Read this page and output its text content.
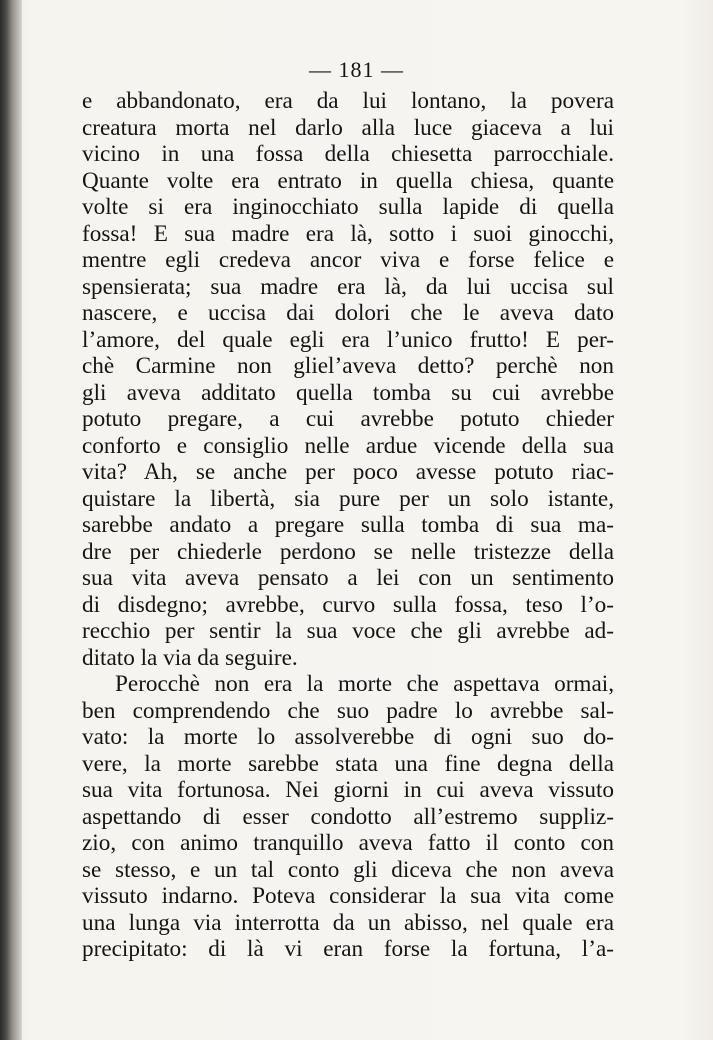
— 181 —
e abbandonato, era da lui lontano, la povera
creatura morta nel darlo alla luce giaceva a lui
vicino in una fossa della chiesetta parrocchiale.
Quante volte era entrato in quella chiesa, quante
volte si era inginocchiato sulla lapide di quella
fossa! E sua madre era là, sotto i suoi ginocchi,
mentre egli credeva ancor viva e forse felice e
spensierata; sua madre era là, da lui uccisa sul
nascere, e uccisa dai dolori che le aveva dato
l’amore, del quale egli era l’unico frutto! E per-
chè Carmine non gliel’aveva detto? perchè non
gli aveva additato quella tomba su cui avrebbe
potuto pregare, a cui avrebbe potuto chieder
conforto e consiglio nelle ardue vicende della sua
vita? Ah, se anche per poco avesse potuto riac-
quistare la libertà, sia pure per un solo istante,
sarebbe andato a pregare sulla tomba di sua ma-
dre per chiederle perdono se nelle tristezze della
sua vita aveva pensato a lei con un sentimento
di disdegno; avrebbe, curvo sulla fossa, teso l’o-
recchio per sentir la sua voce che gli avrebbe ad-
ditato la via da seguire.
Perocchè non era la morte che aspettava ormai,
ben comprendendo che suo padre lo avrebbe sal-
vato: la morte lo assolverebbe di ogni suo do-
vere, la morte sarebbe stata una fine degna della
sua vita fortunosa. Nei giorni in cui aveva vissuto
aspettando di esser condotto all’estremo suppliz-
zio, con animo tranquillo aveva fatto il conto con
se stesso, e un tal conto gli diceva che non aveva
vissuto indarno. Poteva considerar la sua vita come
una lunga via interrotta da un abisso, nel quale era
precipitato: di là vi eran forse la fortuna, l’a-
